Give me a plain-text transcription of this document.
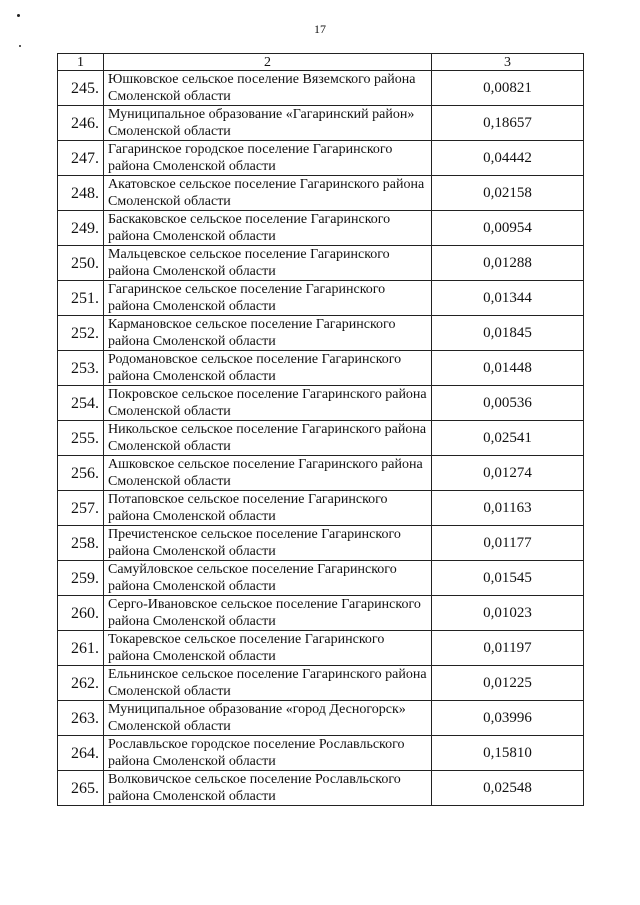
17
1	2	3
245.	Юшковское сельское поселение Вяземского района Смоленской области	0,00821
246.	Муниципальное образование «Гагаринский район» Смоленской области	0,18657
247.	Гагаринское городское поселение Гагаринского района Смоленской области	0,04442
248.	Акатовское сельское поселение Гагаринского района Смоленской области	0,02158
249.	Баскаковское сельское поселение Гагаринского района Смоленской области	0,00954
250.	Мальцевское сельское поселение Гагаринского района Смоленской области	0,01288
251.	Гагаринское сельское поселение Гагаринского района Смоленской области	0,01344
252.	Кармановское сельское поселение Гагаринского района Смоленской области	0,01845
253.	Родомановское сельское поселение Гагаринского района Смоленской области	0,01448
254.	Покровское сельское поселение Гагаринского района Смоленской области	0,00536
255.	Никольское сельское поселение Гагаринского района Смоленской области	0,02541
256.	Ашковское сельское поселение Гагаринского района Смоленской области	0,01274
257.	Потаповское сельское поселение Гагаринского района Смоленской области	0,01163
258.	Пречистенское сельское поселение Гагаринского района Смоленской области	0,01177
259.	Самуйловское сельское поселение Гагаринского района Смоленской области	0,01545
260.	Серго-Ивановское сельское поселение Гагаринского района Смоленской области	0,01023
261.	Токаревское сельское поселение Гагаринского района Смоленской области	0,01197
262.	Ельнинское сельское поселение Гагаринского района Смоленской области	0,01225
263.	Муниципальное образование «город Десногорск» Смоленской области	0,03996
264.	Рославльское городское поселение Рославльского района Смоленской области	0,15810
265.	Волковичское сельское поселение Рославльского района Смоленской области	0,02548
